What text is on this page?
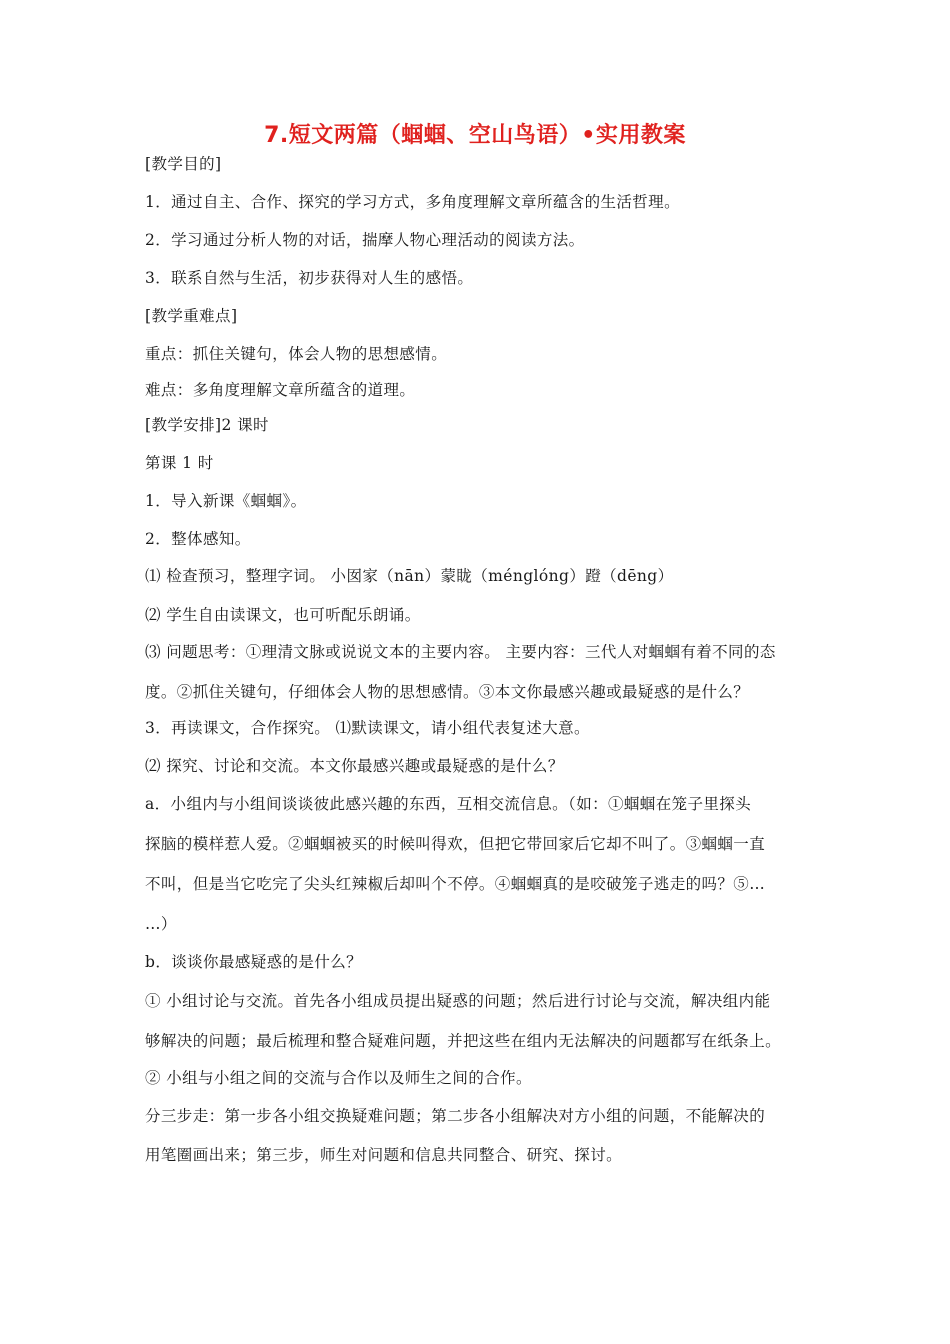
7.短文两篇（蝈蝈、空山鸟语）•实用教案
[教学目的]
1．通过自主、合作、探究的学习方式，多角度理解文章所蕴含的生活哲理。
2．学习通过分析人物的对话，揣摩人物心理活动的阅读方法。
3．联系自然与生活，初步获得对人生的感悟。
[教学重难点]
重点：抓住关键句，体会人物的思想感情。
难点：多角度理解文章所蕴含的道理。
[教学安排]2 课时
第课 1 时
1．导入新课《蝈蝈》。
2．整体感知。
⑴ 检查预习，整理字词。 小囡家（nān）蒙眬（ménglóng）蹬（dēng）
⑵ 学生自由读课文，也可听配乐朗诵。
⑶ 问题思考：①理清文脉或说说文本的主要内容。 主要内容：三代人对蝈蝈有着不同的态
度。②抓住关键句，仔细体会人物的思想感情。③本文你最感兴趣或最疑惑的是什么？
3．再读课文，合作探究。 ⑴默读课文，请小组代表复述大意。
⑵ 探究、讨论和交流。本文你最感兴趣或最疑惑的是什么？
a．小组内与小组间谈谈彼此感兴趣的东西，互相交流信息。（如：①蝈蝈在笼子里探头
探脑的模样惹人爱。②蝈蝈被买的时候叫得欢，但把它带回家后它却不叫了。③蝈蝈一直
不叫，但是当它吃完了尖头红辣椒后却叫个不停。④蝈蝈真的是咬破笼子逃走的吗？⑤…
…）
b．谈谈你最感疑惑的是什么？
① 小组讨论与交流。首先各小组成员提出疑惑的问题；然后进行讨论与交流，解决组内能
够解决的问题；最后梳理和整合疑难问题，并把这些在组内无法解决的问题都写在纸条上。
② 小组与小组之间的交流与合作以及师生之间的合作。
分三步走：第一步各小组交换疑难问题；第二步各小组解决对方小组的问题，不能解决的
用笔圈画出来；第三步，师生对问题和信息共同整合、研究、探讨。
